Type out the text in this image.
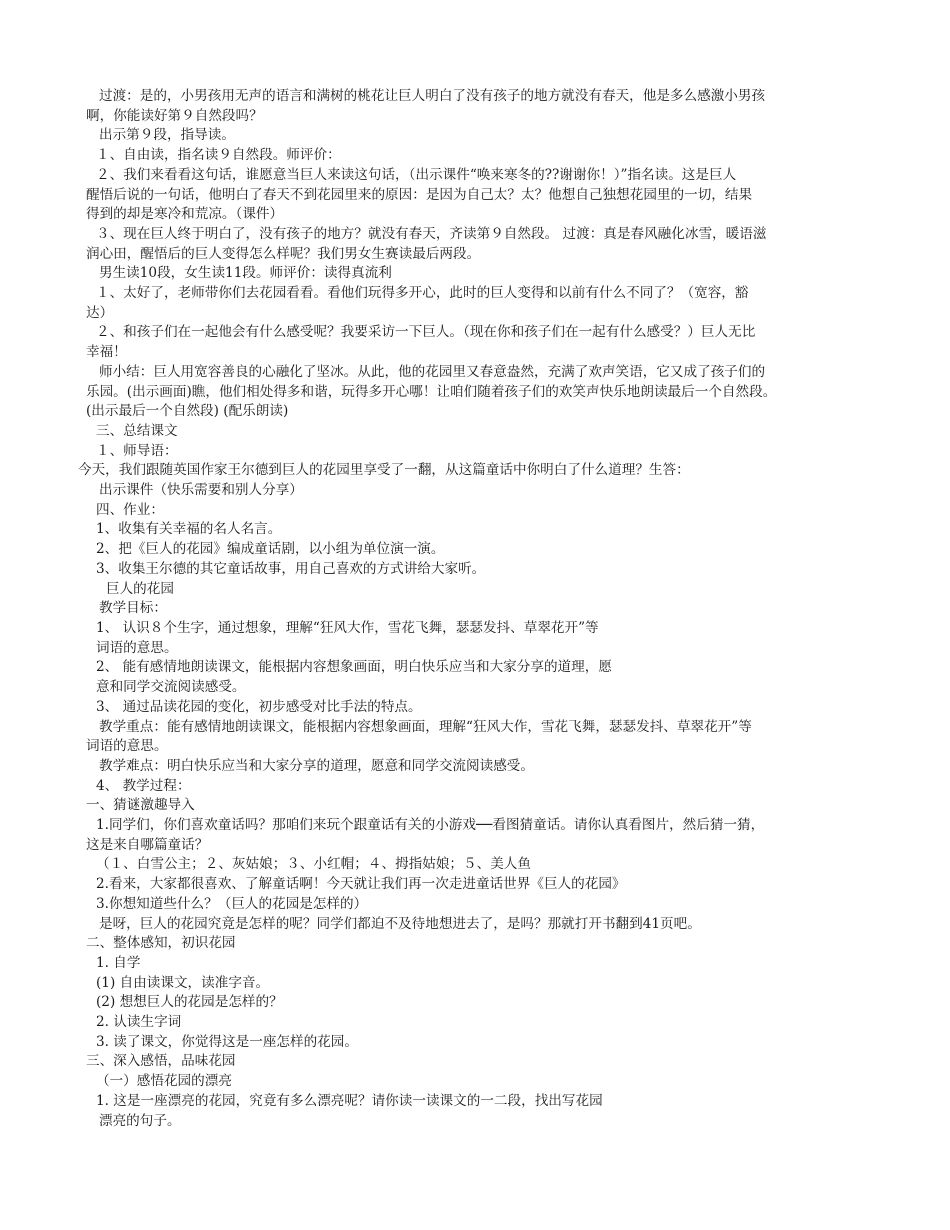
过渡：是的，小男孩用无声的语言和满树的桃花让巨人明白了没有孩子的地方就没有春天，他是多么感激小男孩

啊，你能读好第９自然段吗？

出示第９段，指导读。

１、自由读，指名读９自然段。师评价：

２、我们来看看这句话，谁愿意当巨人来读这句话，（出示课件“唤来寒冬的??谢谢你！）”指名读。这是巨人

醒悟后说的一句话，他明白了春天不到花园里来的原因：是因为自己太？太？他想自己独想花园里的一切，结果

得到的却是寒冷和荒凉。（课件）

３、现在巨人终于明白了，没有孩子的地方？就没有春天，齐读第９自然段。 过渡：真是春风融化冰雪，暖语滋

润心田，醒悟后的巨人变得怎么样呢？我们男女生赛读最后两段。

男生读10段，女生读11段。师评价：读得真流利

１、太好了，老师带你们去花园看看。看他们玩得多开心，此时的巨人变得和以前有什么不同了？（宽容，豁

达）

２、和孩子们在一起他会有什么感受呢？我要采访一下巨人。（现在你和孩子们在一起有什么感受？）巨人无比

幸福！

师小结：巨人用宽容善良的心融化了坚冰。从此，他的花园里又春意盎然，充满了欢声笑语，它又成了孩子们的

乐园。(出示画面)瞧，他们相处得多和谐，玩得多开心哪！让咱们随着孩子们的欢笑声快乐地朗读最后一个自然段。

(出示最后一个自然段) (配乐朗读)

三、总结课文

１、师导语：

今天，我们跟随英国作家王尔德到巨人的花园里享受了一翻，从这篇童话中你明白了什么道理？生答：

出示课件（快乐需要和别人分享）

四、作业：

1、收集有关幸福的名人名言。

2、把《巨人的花园》编成童话剧，以小组为单位演一演。

3、收集王尔德的其它童话故事，用自己喜欢的方式讲给大家听。

巨人的花园

教学目标：

1、 认识８个生字，通过想象，理解“狂风大作，雪花飞舞，瑟瑟发抖、草翠花开”等

词语的意思。

2、 能有感情地朗读课文，能根据内容想象画面，明白快乐应当和大家分享的道理，愿

意和同学交流阅读感受。

3、 通过品读花园的变化，初步感受对比手法的特点。

教学重点：能有感情地朗读课文，能根据内容想象画面，理解“狂风大作，雪花飞舞，瑟瑟发抖、草翠花开”等

词语的意思。

教学难点：明白快乐应当和大家分享的道理，愿意和同学交流阅读感受。

4、 教学过程：

一、猜谜激趣导入

1.同学们，你们喜欢童话吗？那咱们来玩个跟童话有关的小游戏──看图猜童话。请你认真看图片，然后猜一猜，

这是来自哪篇童话？

（１、白雪公主；２、灰姑娘；３、小红帽；４、拇指姑娘；５、美人鱼

2.看来，大家都很喜欢、了解童话啊！今天就让我们再一次走进童话世界《巨人的花园》

3.你想知道些什么？（巨人的花园是怎样的）

是呀，巨人的花园究竟是怎样的呢？同学们都迫不及待地想进去了，是吗？那就打开书翻到41页吧。

二、整体感知，初识花园

1. 自学

(1) 自由读课文，读准字音。

(2) 想想巨人的花园是怎样的？

2. 认读生字词

3. 读了课文，你觉得这是一座怎样的花园。

三、深入感悟，品味花园

（一）感悟花园的漂亮

1. 这是一座漂亮的花园，究竟有多么漂亮呢？请你读一读课文的一二段，找出写花园

漂亮的句子。
